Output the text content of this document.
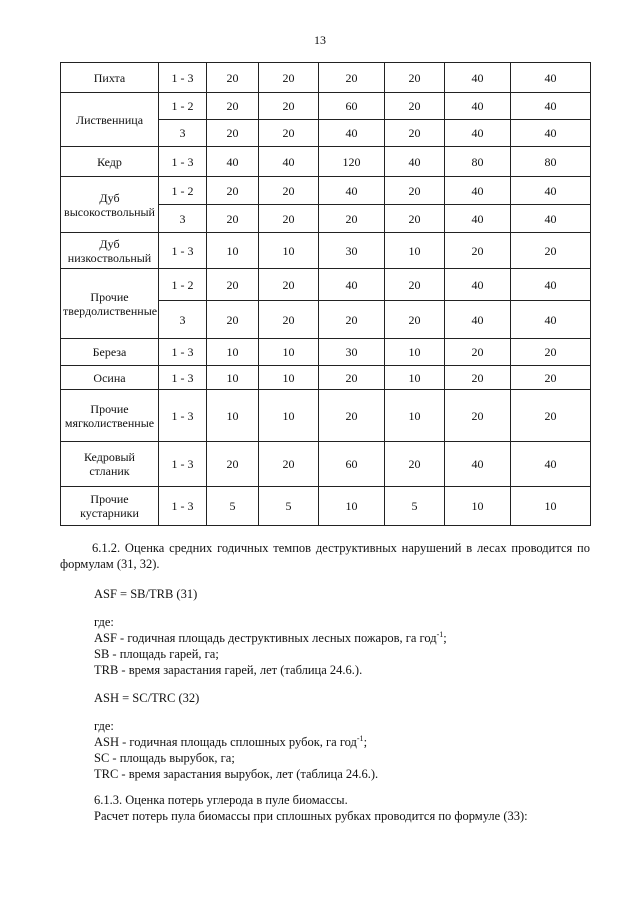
13
Пихта	1 - 3	20	20	20	20	40	40
Лиственница	1 - 2	20	20	60	20	40	40
	3	20	20	40	20	40	40
Кедр	1 - 3	40	40	120	40	80	80
Дуб высокоствольный	1 - 2	20	20	40	20	40	40
	3	20	20	20	20	40	40
Дуб низкоствольный	1 - 3	10	10	30	10	20	20
Прочие твердолиственные	1 - 2	20	20	40	20	40	40
	3	20	20	20	20	40	40
Береза	1 - 3	10	10	30	10	20	20
Осина	1 - 3	10	10	20	10	20	20
Прочие мягколиственные	1 - 3	10	10	20	10	20	20
Кедровый стланик	1 - 3	20	20	60	20	40	40
Прочие кустарники	1 - 3	5	5	10	5	10	10
6.1.2. Оценка средних годичных темпов деструктивных нарушений в лесах проводится по формулам (31, 32).
ASF = SB/TRB (31)
где:
ASF - годичная площадь деструктивных лесных пожаров, га год$^{-1}$;
SB - площадь гарей, га;
TRB - время зарастания гарей, лет (таблица 24.6.).
ASH = SC/TRC (32)
где:
ASH - годичная площадь сплошных рубок, га год$^{-1}$;
SC - площадь вырубок, га;
TRC - время зарастания вырубок, лет (таблица 24.6.).
6.1.3. Оценка потерь углерода в пуле биомассы.
Расчет потерь пула биомассы при сплошных рубках проводится по формуле (33):
